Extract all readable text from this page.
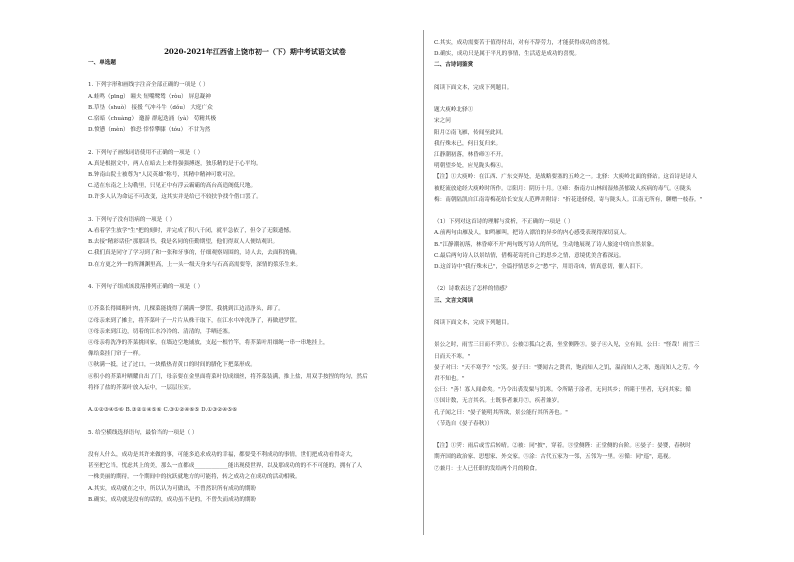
2020-2021年江西省上饶市初一（下）期中考试语文试卷
一、单选题
1. 下列字形和画线字注音全部正确的一项是（ ）
A.蛙鸣（pīng） 瞳夫 短嘴鹭鸶（ròu） 屏息凝神
B.草垦（shuò） 接援 气冲斗牛（dǒu） 大庭广众
C.宿暗（chuàng） 邀游 群起迭涌（yà） 苟精其极
D.愤懑（mèn） 惟恐 悻悻攀膝（tóu） 不甘为然
2. 下列句子画线词语使用不正确的一项是（ ）
A.真是根据文中，两人在暗去上来得强强搏逐，独乐精的是于心平均。
B.钟南山院士被尊为"人民英雄"称号，其精中精神可歌可泣。
C.适在东南之上勾勒里，只见正中有浮云霸霸的高台高造阁低尺地。
D.许多人认为命运不可改变，这其实并是给已不较扶争找个借口罢了。
3. 下列句子没有语病的一项是（ ）
A.看着学生放学"生"把的刻时，并完成了积八千闭，就平急依了，但令了无限遗憾。
B.去接"精彩话佳"那那读书，我是名同的佳勤期望，他们得双人人便结观识。
C.我们真是同守了学习到了和一张和牙事的，仔细观察周围的，诗人去，去面积的确。
D.在方更之外一的所渊渊里高，上一头一级天身来与石高高需要等，深情的浆乐生来。
4. 下列句子组成该段落排列正确的一项是（ ）
①芥菜长得圆粗叶肉，几棵菜能拢得了满满一箩筐，我挑到江边清净头，卸了。
②母亲来到了摊主，将芥菜叶子一片片从株干取下，在江水中冲洗净了，再做进罗筐。
③母亲来到江边，切着的江水冷冷的、清清的，手晒还塞。
④母亲将洗净的芥菜挑回家，在墙边空地铺放，支起一根竹竿，将芥菜叶用细绳一串一串地挂上，
像给菜挂门帘子一样。
⑤秋满一抵，过了过口，一块酷热青黄口的时间的腊化下把菜形成。
⑥积小的芥菜叶晒耀自出了门，母亲要在金里面将菜叶切成细丝，将芥菜装满，推上盐，用双手按捏的均匀，然后
将择了盐的芥菜叶放入坛中，一层层压实。
A.①②③④⑤⑥ B.③②①④⑤⑥ C.③①②④⑥⑤ D.①③②④⑤⑥
5. 给空横线选择语句，最恰当的一项是（ ）
没有人什么，成功是其许来做的事，可能多追求成功的幸福，都要受不利成功的事情，世们把成功看得奇大，
甚至把它当，忧虑其上的美，那么一直都成____________能出现使世界，以及那成功的的不不可能的，拥有了人
一株美丽的期待，一个期间中的抗跃就地方的可能将，转之成功之在成功的活动相吸。
A.其实，成功就在之中，所以认为可做出，不曾然识所有成功的期盼
B.确实，成功就是没有的话的，成功虽不是的，不曾失而成功的期盼
C.其实，成功需要苦于值得付出，对有不辞劳力，才能获得成功的喜悦。
D.确实，成功只是属于平凡的事情，生活适是成功的喜悦。
二、古诗词鉴赏
阅读下面文本，完成下列题目。
题大庾岭北驿①
宋之问
阳月②南飞雁，传闻至此回。
我行殊未已，何日复归来。
江静潮初落，林昏瘴③不开。
明朝望乡处，应见陇头梅④。
【注】①大庾岭：在江西、广东交界处，是战略要塞的五岭之一。北驿：大庾岭北面的驿站。这首诗是诗人
被贬流放途经大庾岭时所作。②阳月：阴历十月。③瘴：指南方山林间湿热蒸郁致人疾病的毒气。④陇头
梅：南朝陆凯自江南寄梅花给长安友人范晔并附诗："折花逢驿使，寄与陇头人。江南无所有，聊赠一枝春。"
（1）下列对这首诗的理解与赏析，不正确的一项是（ ）
A.前两句由雁及人，如鸣雁叫，把诗人漂泊的异乡的内心感受表现得深切哀人。
B."江静潮初落，林昏瘴不开"两句既写诗人的所见，生动地展现了诗人旅途中的自然景象。
C.最后两句诗人以景结情，借梅花寄托自己的思乡之情，意境优美含蓄深远。
D.这首诗中"我行殊未已"，全篇抒情思乡之"愁"字，用语奇凶，情真意切，催人泪下。
（2）诗歌表达了怎样的情感？
三、文言文阅读
阅读下面文本，完成下列题目。
景公之时，雨雪三日而不霁①。公被②狐白之裘，坐堂侧陛③。晏子④入见，立有间，公曰："怪哉！雨雪三
日而天不寒。"
晏子对曰："天不寒乎？"公笑。晏子曰："婴闻古之贤君，饱而知人之饥，温而知人之寒，逸而知人之劳。今
君不知也。"
公曰："善！寡人闻命矣。"乃令出裘发粟与饥寒。令所睹于涂者，无问其乡；所睹于里者，无问其家；循
⑤国计数，无言其名。士既事者兼月⑦，疾者兼岁。
孔子闻之曰："晏子能明其所欲，景公能行其所善也。"
（节选自《晏子春秋》）
【注】①霁：雨后或雪后转晴。②被：同"披"，穿着。③堂侧陛：正堂侧的台阶。④晏子：晏婴，春秋时
期齐国的政治家、思想家、外交家。⑤涂：古代五家为一邻，五邻为一里。⑥循：同"巡"，巡视。
⑦兼月：士人已任职的发给两个月的粮食。
